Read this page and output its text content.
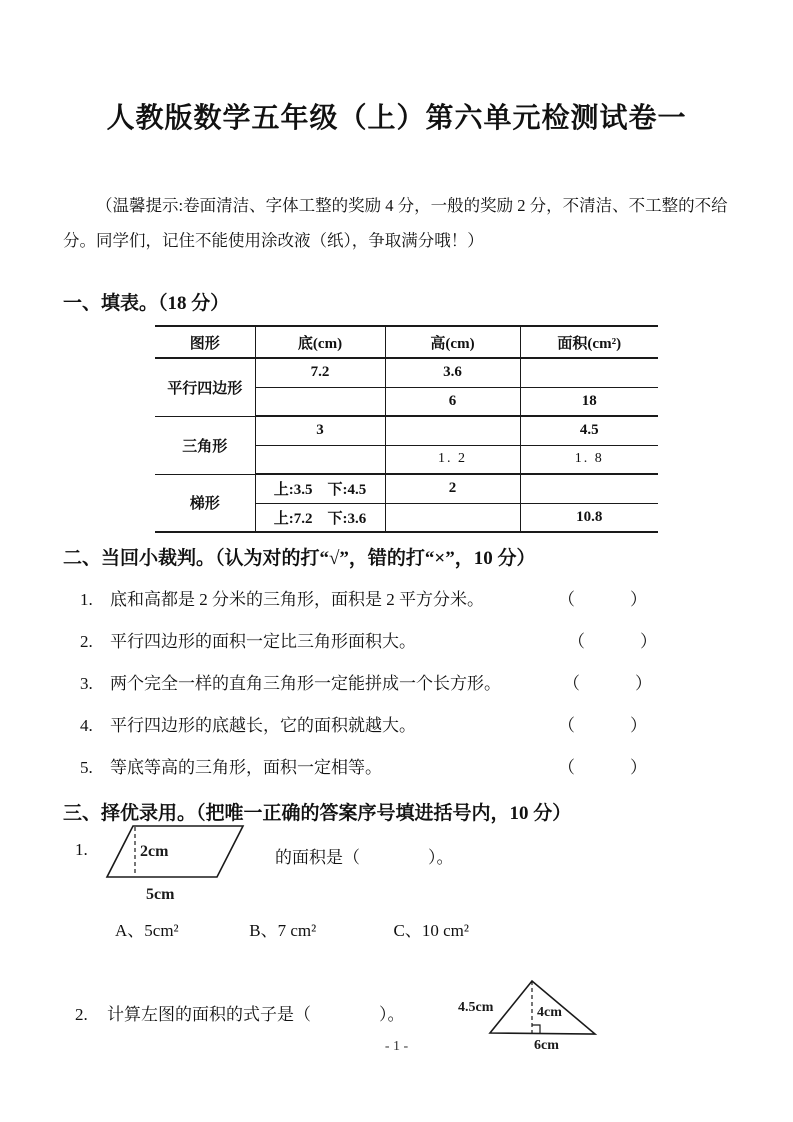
人教版数学五年级（上）第六单元检测试卷一

（温馨提示:卷面清洁、字体工整的奖励 4 分，一般的奖励 2 分，不清洁、不工整的不给分。同学们，记住不能使用涂改液（纸），争取满分哦！）

一、填表。（18 分）
图形	底(cm)	高(cm)	面积(cm²)
平行四边形	7.2	3.6	
		6	18
三角形	3		4.5
		1. 2	1. 8
梯形	上:3.5　下:4.5	2	
	上:7.2　下:3.6		10.8
二、当回小裁判。（认为对的打“√”，错的打“×”，10 分）
1. 底和高都是 2 分米的三角形，面积是 2 平方分米。	（　　　）
2. 平行四边形的面积一定比三角形面积大。	（　　　）
3. 两个完全一样的直角三角形一定能拼成一个长方形。	（　　　）
4. 平行四边形的底越长，它的面积就越大。	（　　　）
5. 等底等高的三角形，面积一定相等。	（　　　）
三、择优录用。（把唯一正确的答案序号填进括号内，10 分）
1.	2cm
5cm
的面积是（　　　　）。
A、5cm²	B、7 cm²	C、10 cm²
2. 计算左图的面积的式子是（　　　　）。	4.5cm	4cm
6cm
- 1 -
